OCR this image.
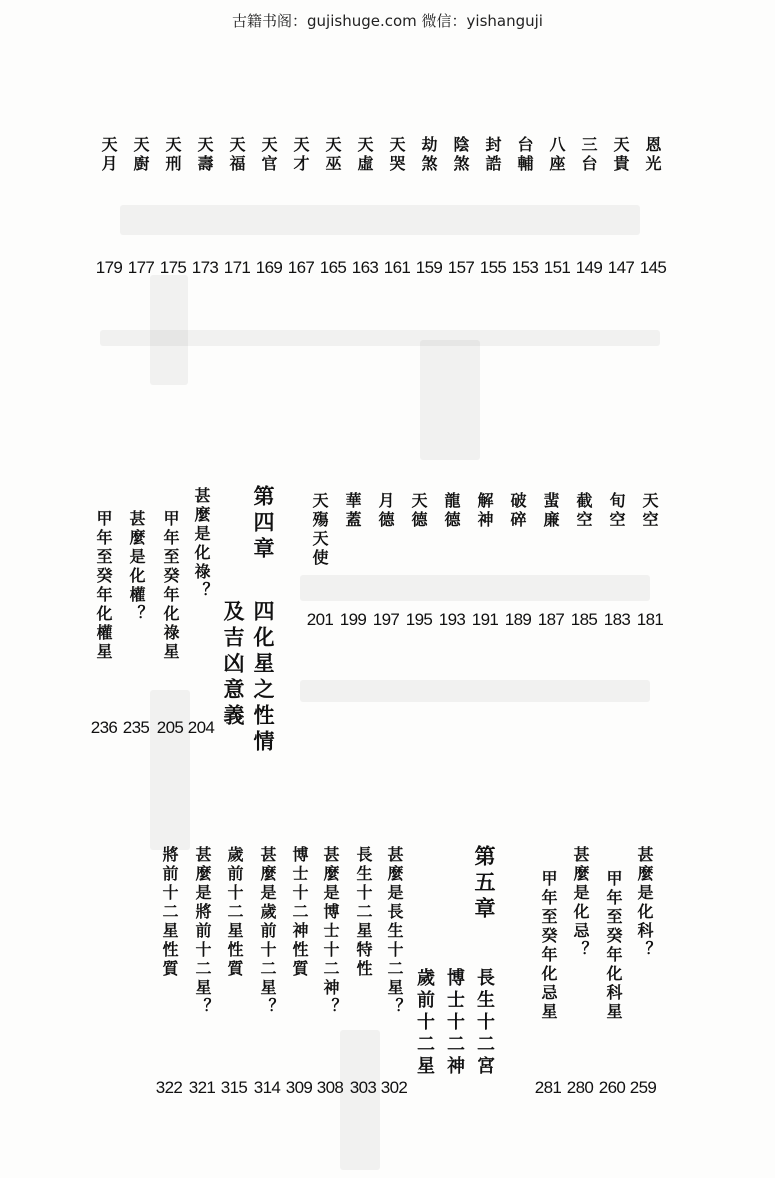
古籍书阁：gujishuge.com 微信：yishanguji
恩光
145
天貴
147
三台
149
八座
151
台輔
153
封誥
155
陰煞
157
劫煞
159
天哭
161
天虛
163
天巫
165
天才
167
天官
169
天福
171
天壽
173
天刑
175
天廚
177
天月
179
天空
181
旬空
183
截空
185
蜚廉
187
破碎
189
解神
191
龍德
193
天德
195
月德
197
華蓋
199
天殤天使
201
第四章
四化星之性情
及吉凶意義
甚麼是化祿？
204
甲年至癸年化祿星
205
甚麼是化權？
235
甲年至癸年化權星
236
甚麼是化科？
259
甲年至癸年化科星
260
甚麼是化忌？
280
甲年至癸年化忌星
281
第五章
長生十二宮
博士十二神
歲前十二星
甚麼是長生十二星？
302
長生十二星特性
303
甚麼是博士十二神？
308
博士十二神性質
309
甚麼是歲前十二星？
314
歲前十二星性質
315
甚麼是將前十二星？
321
將前十二星性質
322
